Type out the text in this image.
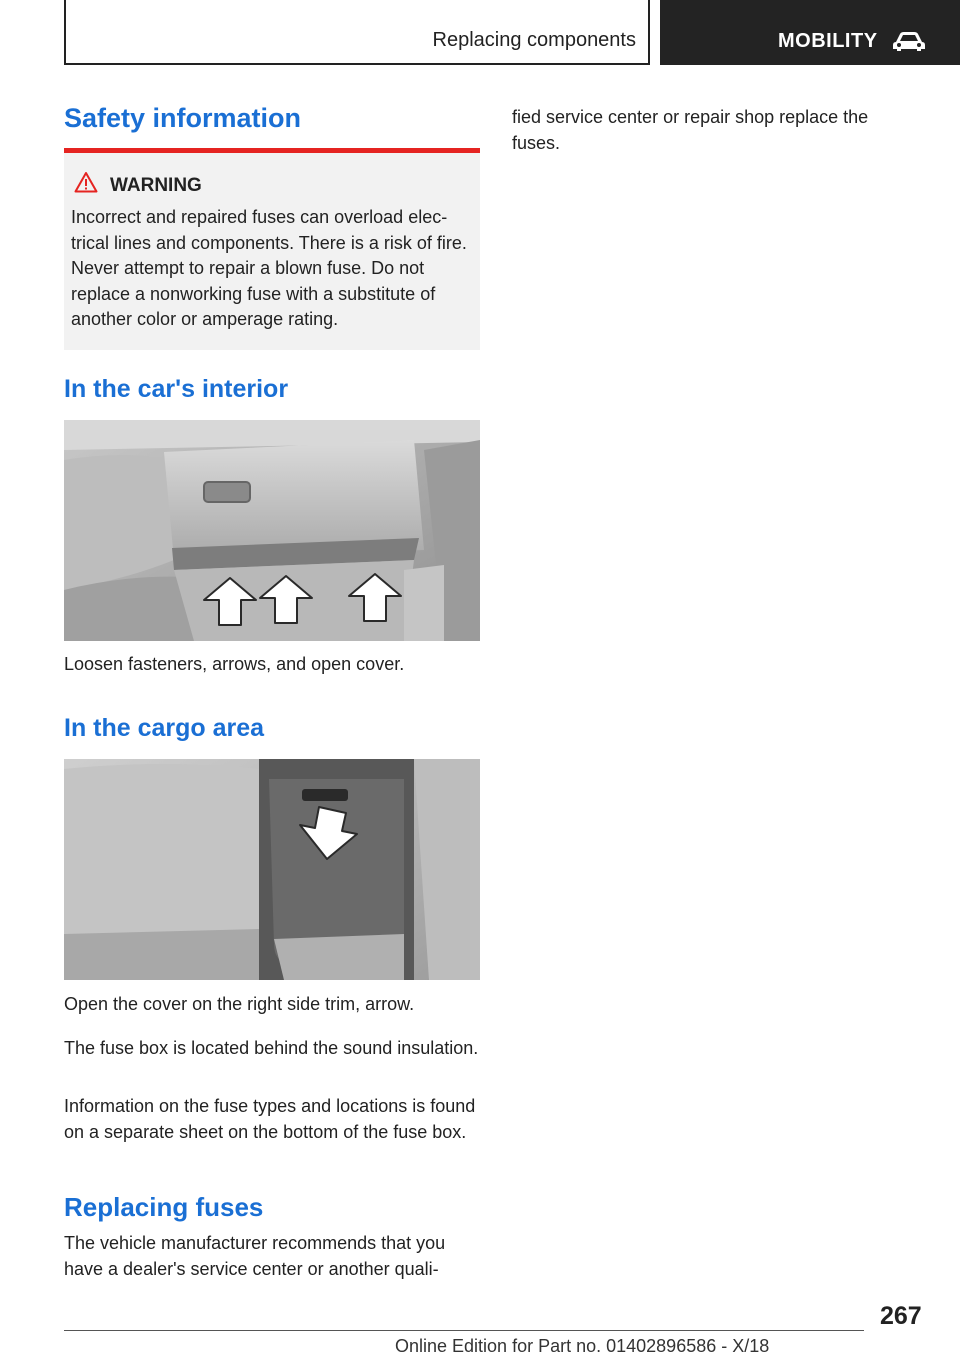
Replacing components	MOBILITY
Safety information
WARNING
Incorrect and repaired fuses can overload electrical lines and components. There is a risk of fire. Never attempt to repair a blown fuse. Do not replace a nonworking fuse with a substitute of another color or amperage rating.
In the car's interior
Loosen fasteners, arrows, and open cover.
In the cargo area
Open the cover on the right side trim, arrow.
The fuse box is located behind the sound insulation.
Information on the fuse types and locations is found on a separate sheet on the bottom of the fuse box.
Replacing fuses
The vehicle manufacturer recommends that you have a dealer's service center or another quali-
fied service center or repair shop replace the fuses.
267
Online Edition for Part no. 01402896586 - X/18
